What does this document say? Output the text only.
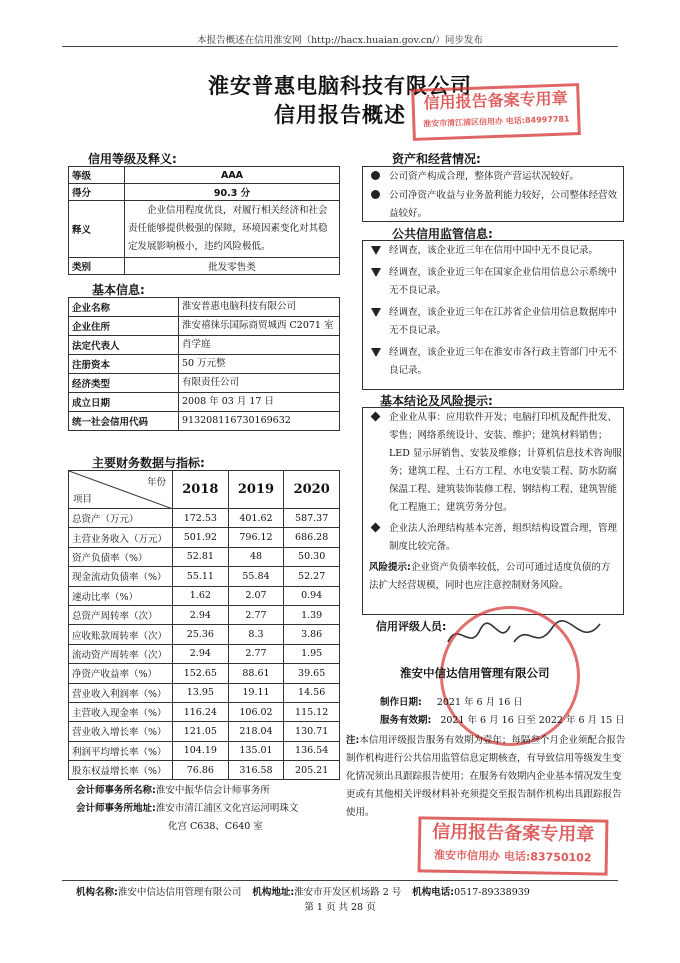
本报告概述在信用淮安网（http://hacx.huaian.gov.cn/）同步发布
淮安普惠电脑科技有限公司
信用报告概述
信用报告备案专用章
淮安市清江浦区信用办 电话:84997781
信用等级及释义:
等级	AAA
得分	90.3 分
释义	企业信用程度优良，对履行相关经济和社会责任能够提供极强的保障，环境因素变化对其稳定发展影响极小，违约风险极低。
类别	批发零售类
基本信息:
企业名称	淮安普惠电脑科技有限公司
企业住所	淮安禧徕乐国际商贸城西 C2071 室
法定代表人	肖学庭
注册资本	50 万元整
经济类型	有限责任公司
成立日期	2008 年 03 月 17 日
统一社会信用代码	913208116730169632
主要财务数据与指标:
年份
项目	2018	2019	2020
总资产（万元）	172.53	401.62	587.37
主营业务收入（万元）	501.92	796.12	686.28
资产负债率（%）	52.81	48	50.30
现金流动负债率（%）	55.11	55.84	52.27
速动比率（%）	1.62	2.07	0.94
总资产周转率（次）	2.94	2.77	1.39
应收账款周转率（次）	25.36	8.3	3.86
流动资产周转率（次）	2.94	2.77	1.95
净资产收益率（%）	152.65	88.61	39.65
营业收入利润率（%）	13.95	19.11	14.56
主营收入现金率（%）	116.24	106.02	115.12
营业收入增长率（%）	121.05	218.04	130.71
利润平均增长率（%）	104.19	135.01	136.54
股东权益增长率（%）	76.86	316.58	205.21
会计师事务所名称:淮安中振华信会计师事务所
会计师事务所地址:淮安市清江浦区文化宫运河明珠文
化宫 C638、C640 室
资产和经营情况:
公司资产构成合理，整体资产营运状况较好。
公司净资产收益与业务盈利能力较好，公司整体经营效益较好。
公共信用监管信息:
经调查，该企业近三年在信用中国中无不良记录。
经调查，该企业近三年在国家企业信用信息公示系统中无不良记录。
经调查，该企业近三年在江苏省企业信用信息数据库中无不良记录。
经调查，该企业近三年在淮安市各行政主管部门中无不良记录。
基本结论及风险提示:
企业业从事：应用软件开发；电脑打印机及配件批发、零售；网络系统设计、安装、维护；建筑材料销售；LED 显示屏销售、安装及维修；计算机信息技术咨询服务；建筑工程、土石方工程、水电安装工程、防水防腐保温工程、建筑装饰装修工程、钢结构工程、建筑智能化工程施工；建筑劳务分包。
企业法人治理结构基本完善，组织结构设置合理，管理制度比较完备。
风险提示:企业资产负债率较低，公司可通过适度负债的方法扩大经营规模，同时也应注意控制财务风险。
信用评级人员:
淮安中信达信用管理有限公司
制作日期: 2021 年 6 月 16 日
服务有效期: 2021 年 6 月 16 日至 2022 年 6 月 15 日
注:本信用评级报告服务有效期为壹年；每隔叁个月企业须配合报告制作机构进行公共信用监管信息定期核查，有导致信用等级发生变化情况须出具跟踪报告使用；在服务有效期内企业基本情况发生变更或有其他相关评级材料补充须提交至报告制作机构出具跟踪报告使用。
信用报告备案专用章
淮安市信用办 电话:83750102
机构名称:淮安中信达信用管理有限公司 机构地址:淮安市开发区机场路 2 号 机构电话:0517-89338939
第 1 页 共 28 页
